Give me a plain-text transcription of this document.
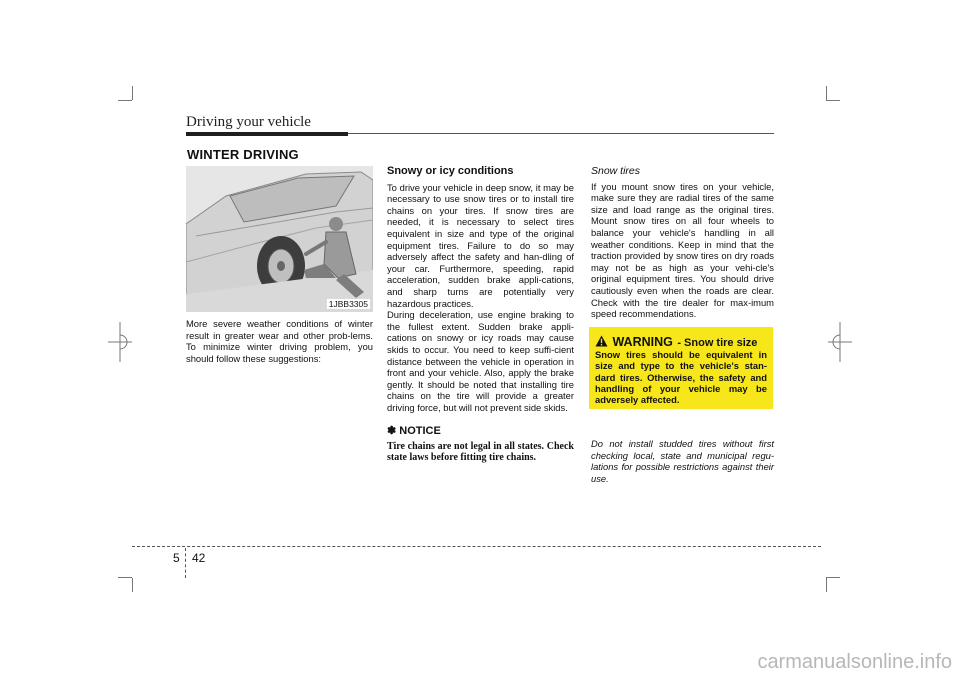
Driving your vehicle
WINTER DRIVING
1JBB3305

More severe weather conditions of winter result in greater wear and other prob-lems. To minimize winter driving problem, you should follow these suggestions:

Snowy or icy conditions

To drive your vehicle in deep snow, it may be necessary to use snow tires or to install tire chains on your tires. If snow tires are needed, it is necessary to select tires equivalent in size and type of the original equipment tires. Failure to do so may adversely affect the safety and han-dling of your car. Furthermore, speeding, rapid acceleration, sudden brake appli-cations, and sharp turns are potentially very hazardous practices.

During deceleration, use engine braking to the fullest extent. Sudden brake appli-cations on snowy or icy roads may cause skids to occur. You need to keep suffi-cient distance between the vehicle in operation in front and your vehicle. Also, apply the brake gently. It should be noted that installing tire chains on the tire will provide a greater driving force, but will not prevent side skids.

✽ NOTICE
Tire chains are not legal in all states. Check state laws before fitting tire chains.
Snow tires

If you mount snow tires on your vehicle, make sure they are radial tires of the same size and load range as the original tires. Mount snow tires on all four wheels to balance your vehicle's handling in all weather conditions. Keep in mind that the traction provided by snow tires on dry roads may not be as high as your vehi-cle's original equipment tires. You should drive cautiously even when the roads are clear. Check with the tire dealer for max-imum speed recommendations.

WARNING - Snow tire size
Snow tires should be equivalent in size and type to the vehicle's stan-dard tires. Otherwise, the safety and handling of your vehicle may be adversely affected.
Do not install studded tires without first checking local, state and municipal regu-lations for possible restrictions against their use.
5 42
carmanualsonline.info
